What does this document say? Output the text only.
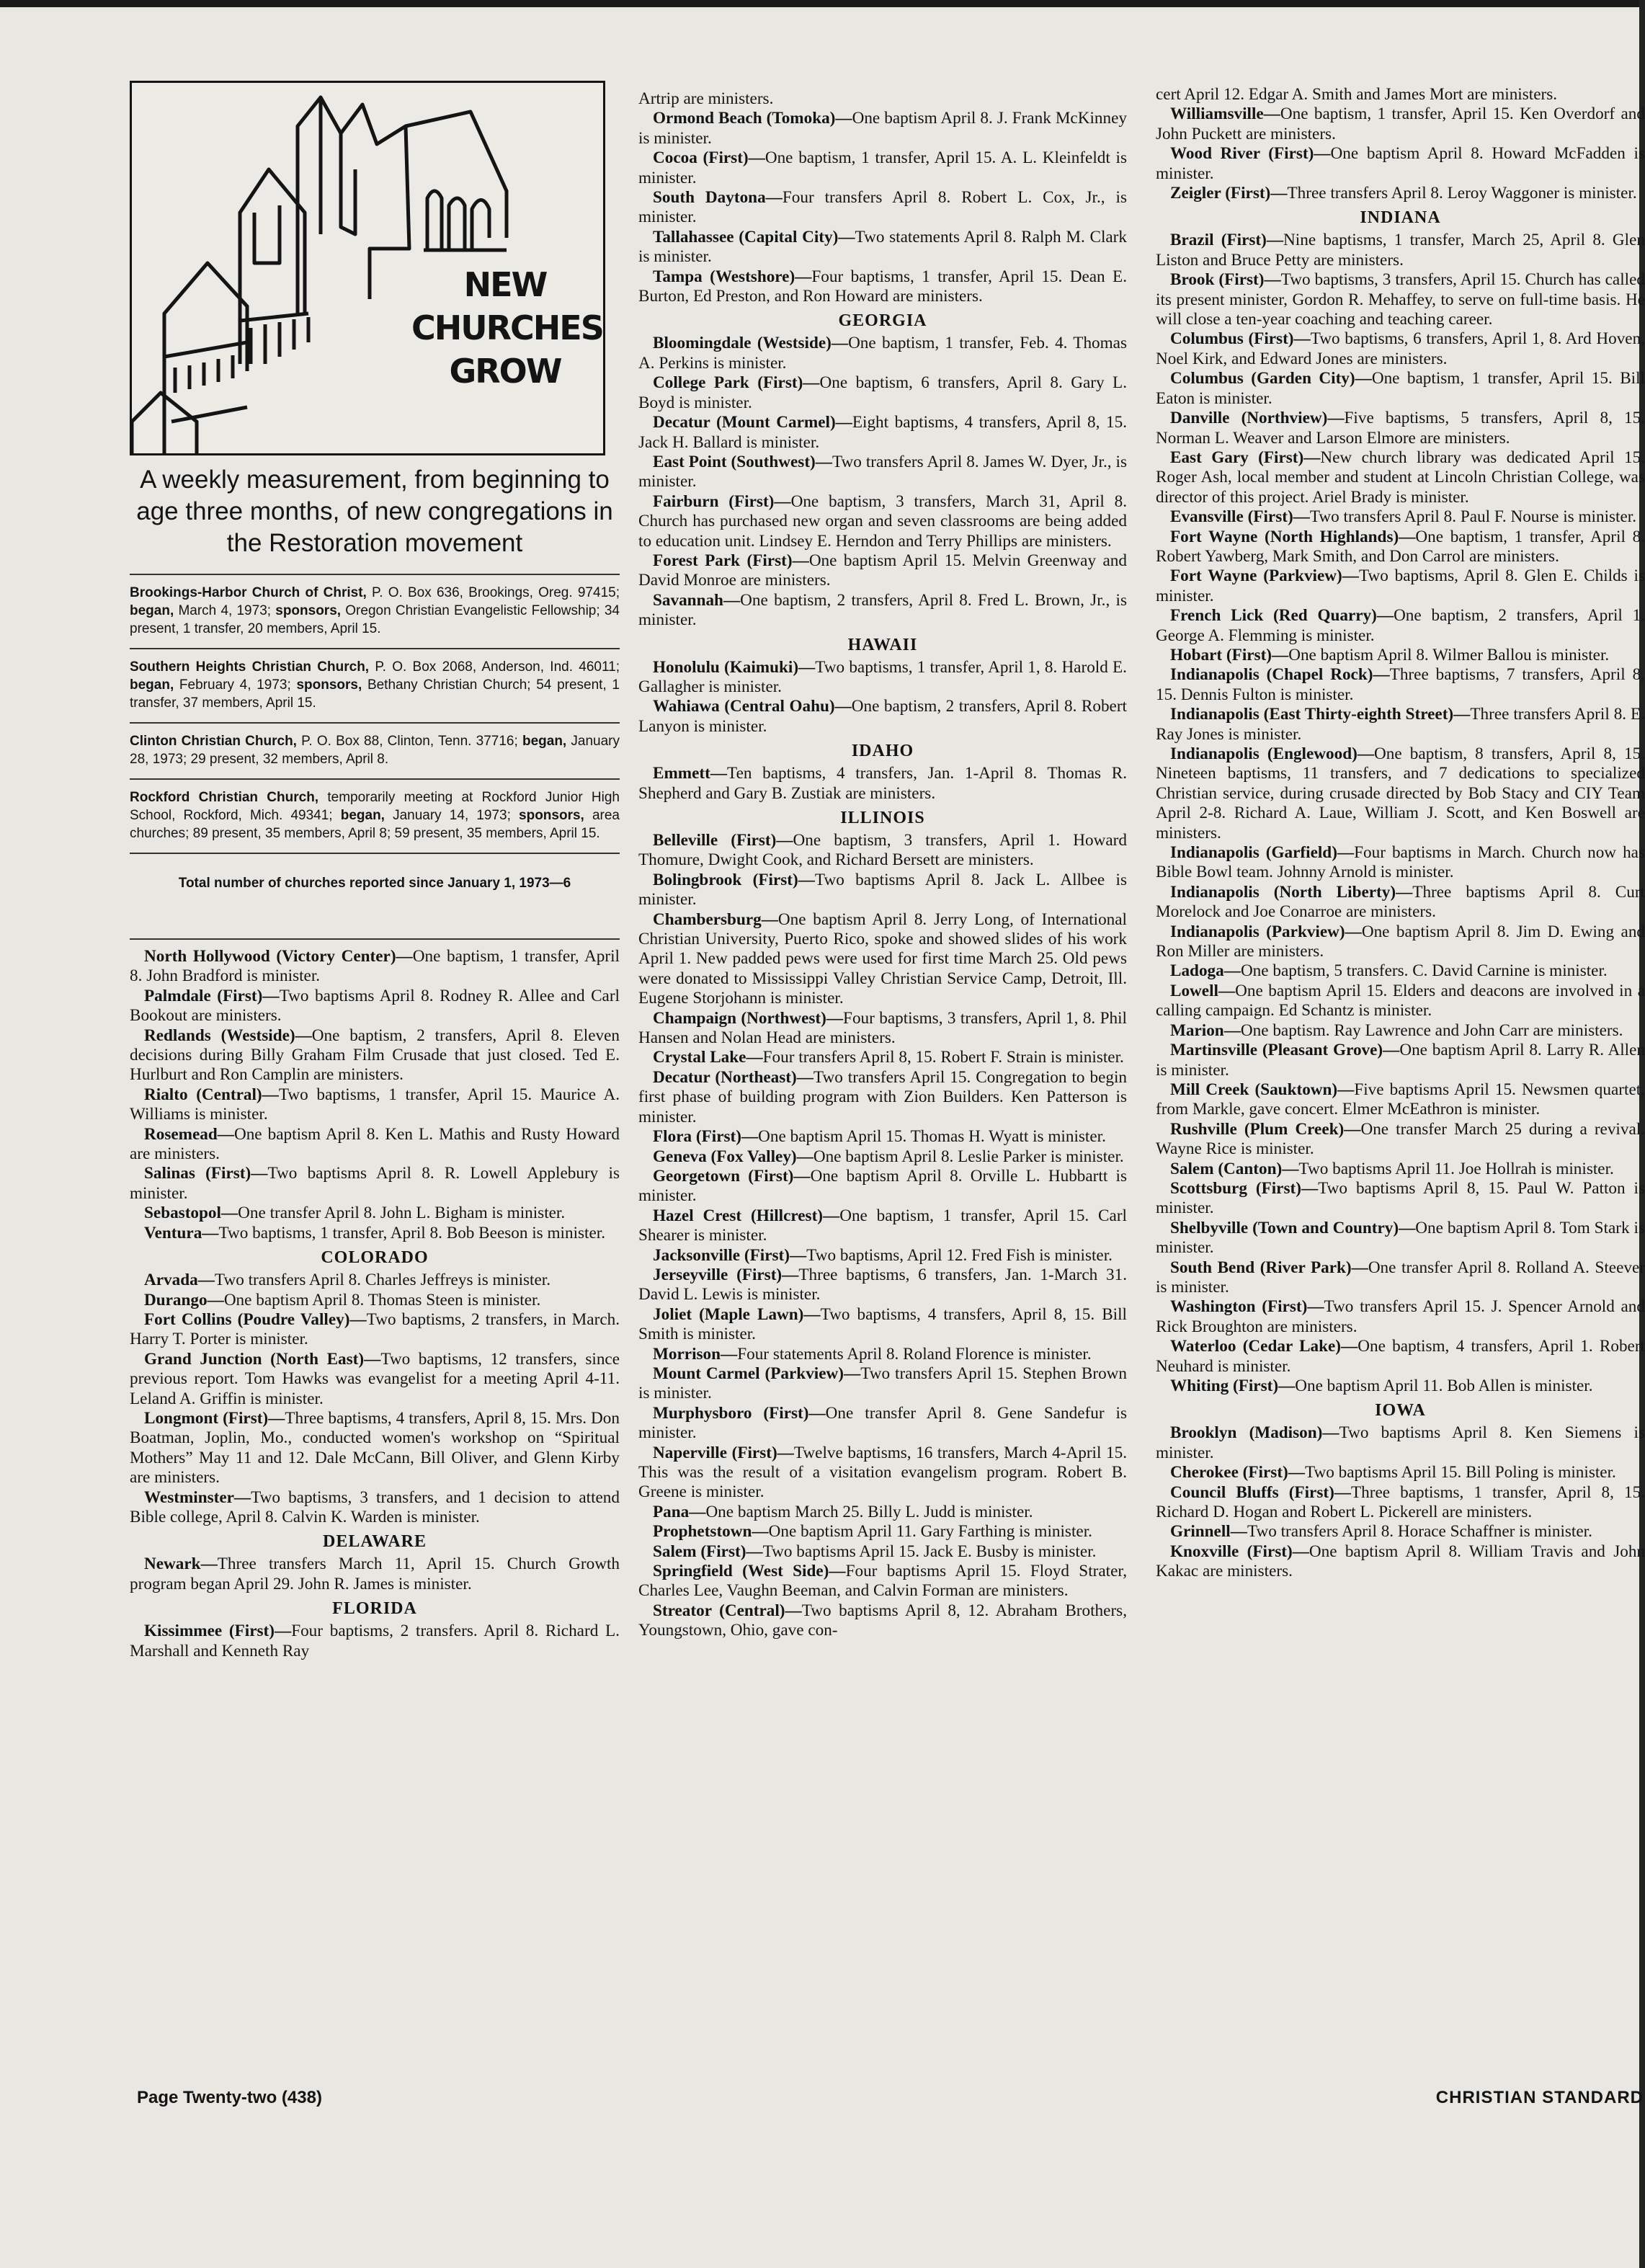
NEW
CHURCHES
GROW
A weekly measurement, from beginning to age three months, of new congregations in the Restoration movement
Brookings-Harbor Church of Christ, P. O. Box 636, Brookings, Oreg. 97415; began, March 4, 1973; sponsors, Oregon Christian Evangelistic Fellowship; 34 present, 1 transfer, 20 members, April 15.
Southern Heights Christian Church, P. O. Box 2068, Anderson, Ind. 46011; began, February 4, 1973; sponsors, Bethany Christian Church; 54 present, 1 transfer, 37 members, April 15.
Clinton Christian Church, P. O. Box 88, Clinton, Tenn. 37716; began, January 28, 1973; 29 present, 32 members, April 8.
Rockford Christian Church, temporarily meeting at Rockford Junior High School, Rockford, Mich. 49341; began, January 14, 1973; sponsors, area churches; 89 present, 35 members, April 8; 59 present, 35 members, April 15.
Total number of churches reported since January 1, 1973—6

North Hollywood (Victory Center)—One baptism, 1 transfer, April 8. John Bradford is minister.

Palmdale (First)—Two baptisms April 8. Rodney R. Allee and Carl Bookout are ministers.

Redlands (Westside)—One baptism, 2 transfers, April 8. Eleven decisions during Billy Graham Film Crusade that just closed. Ted E. Hurlburt and Ron Camplin are ministers.

Rialto (Central)—Two baptisms, 1 transfer, April 15. Maurice A. Williams is minister.

Rosemead—One baptism April 8. Ken L. Mathis and Rusty Howard are ministers.

Salinas (First)—Two baptisms April 8. R. Lowell Applebury is minister.

Sebastopol—One transfer April 8. John L. Bigham is minister.

Ventura—Two baptisms, 1 transfer, April 8. Bob Beeson is minister.

COLORADO

Arvada—Two transfers April 8. Charles Jeffreys is minister.

Durango—One baptism April 8. Thomas Steen is minister.

Fort Collins (Poudre Valley)—Two baptisms, 2 transfers, in March. Harry T. Porter is minister.

Grand Junction (North East)—Two baptisms, 12 transfers, since previous report. Tom Hawks was evangelist for a meeting April 4-11. Leland A. Griffin is minister.

Longmont (First)—Three baptisms, 4 transfers, April 8, 15. Mrs. Don Boatman, Joplin, Mo., conducted women's workshop on “Spiritual Mothers” May 11 and 12. Dale McCann, Bill Oliver, and Glenn Kirby are ministers.

Westminster—Two baptisms, 3 transfers, and 1 decision to attend Bible college, April 8. Calvin K. Warden is minister.

DELAWARE

Newark—Three transfers March 11, April 15. Church Growth program began April 29. John R. James is minister.

FLORIDA

Kissimmee (First)—Four baptisms, 2 transfers. April 8. Richard L. Marshall and Kenneth Ray

Artrip are ministers.

Ormond Beach (Tomoka)—One baptism April 8. J. Frank McKinney is minister.

Cocoa (First)—One baptism, 1 transfer, April 15. A. L. Kleinfeldt is minister.

South Daytona—Four transfers April 8. Robert L. Cox, Jr., is minister.

Tallahassee (Capital City)—Two statements April 8. Ralph M. Clark is minister.

Tampa (Westshore)—Four baptisms, 1 transfer, April 15. Dean E. Burton, Ed Preston, and Ron Howard are ministers.

GEORGIA

Bloomingdale (Westside)—One baptism, 1 transfer, Feb. 4. Thomas A. Perkins is minister.

College Park (First)—One baptism, 6 transfers, April 8. Gary L. Boyd is minister.

Decatur (Mount Carmel)—Eight baptisms, 4 transfers, April 8, 15. Jack H. Ballard is minister.

East Point (Southwest)—Two transfers April 8. James W. Dyer, Jr., is minister.

Fairburn (First)—One baptism, 3 transfers, March 31, April 8. Church has purchased new organ and seven classrooms are being added to education unit. Lindsey E. Herndon and Terry Phillips are ministers.

Forest Park (First)—One baptism April 15. Melvin Greenway and David Monroe are ministers.

Savannah—One baptism, 2 transfers, April 8. Fred L. Brown, Jr., is minister.

HAWAII

Honolulu (Kaimuki)—Two baptisms, 1 transfer, April 1, 8. Harold E. Gallagher is minister.

Wahiawa (Central Oahu)—One baptism, 2 transfers, April 8. Robert Lanyon is minister.

IDAHO

Emmett—Ten baptisms, 4 transfers, Jan. 1-April 8. Thomas R. Shepherd and Gary B. Zustiak are ministers.

ILLINOIS

Belleville (First)—One baptism, 3 transfers, April 1. Howard Thomure, Dwight Cook, and Richard Bersett are ministers.

Bolingbrook (First)—Two baptisms April 8. Jack L. Allbee is minister.

Chambersburg—One baptism April 8. Jerry Long, of International Christian University, Puerto Rico, spoke and showed slides of his work April 1. New padded pews were used for first time March 25. Old pews were donated to Mississippi Valley Christian Service Camp, Detroit, Ill. Eugene Storjohann is minister.

Champaign (Northwest)—Four baptisms, 3 transfers, April 1, 8. Phil Hansen and Nolan Head are ministers.

Crystal Lake—Four transfers April 8, 15. Robert F. Strain is minister.

Decatur (Northeast)—Two transfers April 15. Congregation to begin first phase of building program with Zion Builders. Ken Patterson is minister.

Flora (First)—One baptism April 15. Thomas H. Wyatt is minister.

Geneva (Fox Valley)—One baptism April 8. Leslie Parker is minister.

Georgetown (First)—One baptism April 8. Orville L. Hubbartt is minister.

Hazel Crest (Hillcrest)—One baptism, 1 transfer, April 15. Carl Shearer is minister.

Jacksonville (First)—Two baptisms, April 12. Fred Fish is minister.

Jerseyville (First)—Three baptisms, 6 transfers, Jan. 1-March 31. David L. Lewis is minister.

Joliet (Maple Lawn)—Two baptisms, 4 transfers, April 8, 15. Bill Smith is minister.

Morrison—Four statements April 8. Roland Florence is minister.

Mount Carmel (Parkview)—Two transfers April 15. Stephen Brown is minister.

Murphysboro (First)—One transfer April 8. Gene Sandefur is minister.

Naperville (First)—Twelve baptisms, 16 transfers, March 4-April 15. This was the result of a visitation evangelism program. Robert B. Greene is minister.

Pana—One baptism March 25. Billy L. Judd is minister.

Prophetstown—One baptism April 11. Gary Farthing is minister.

Salem (First)—Two baptisms April 15. Jack E. Busby is minister.

Springfield (West Side)—Four baptisms April 15. Floyd Strater, Charles Lee, Vaughn Beeman, and Calvin Forman are ministers.

Streator (Central)—Two baptisms April 8, 12. Abraham Brothers, Youngstown, Ohio, gave con-

cert April 12. Edgar A. Smith and James Mort are ministers.

Williamsville—One baptism, 1 transfer, April 15. Ken Overdorf and John Puckett are ministers.

Wood River (First)—One baptism April 8. Howard McFadden is minister.

Zeigler (First)—Three transfers April 8. Leroy Waggoner is minister.

INDIANA

Brazil (First)—Nine baptisms, 1 transfer, March 25, April 8. Glen Liston and Bruce Petty are ministers.

Brook (First)—Two baptisms, 3 transfers, April 15. Church has called its present minister, Gordon R. Mehaffey, to serve on full-time basis. He will close a ten-year coaching and teaching career.

Columbus (First)—Two baptisms, 6 transfers, April 1, 8. Ard Hoven, Noel Kirk, and Edward Jones are ministers.

Columbus (Garden City)—One baptism, 1 transfer, April 15. Bill Eaton is minister.

Danville (Northview)—Five baptisms, 5 transfers, April 8, 15. Norman L. Weaver and Larson Elmore are ministers.

East Gary (First)—New church library was dedicated April 15. Roger Ash, local member and student at Lincoln Christian College, was director of this project. Ariel Brady is minister.

Evansville (First)—Two transfers April 8. Paul F. Nourse is minister.

Fort Wayne (North Highlands)—One baptism, 1 transfer, April 8. Robert Yawberg, Mark Smith, and Don Carrol are ministers.

Fort Wayne (Parkview)—Two baptisms, April 8. Glen E. Childs is minister.

French Lick (Red Quarry)—One baptism, 2 transfers, April 1. George A. Flemming is minister.

Hobart (First)—One baptism April 8. Wilmer Ballou is minister.

Indianapolis (Chapel Rock)—Three baptisms, 7 transfers, April 8, 15. Dennis Fulton is minister.

Indianapolis (East Thirty-eighth Street)—Three transfers April 8. E. Ray Jones is minister.

Indianapolis (Englewood)—One baptism, 8 transfers, April 8, 15. Nineteen baptisms, 11 transfers, and 7 dedications to specialized Christian service, during crusade directed by Bob Stacy and CIY Team April 2-8. Richard A. Laue, William J. Scott, and Ken Boswell are ministers.

Indianapolis (Garfield)—Four baptisms in March. Church now has Bible Bowl team. Johnny Arnold is minister.

Indianapolis (North Liberty)—Three baptisms April 8. Curt Morelock and Joe Conarroe are ministers.

Indianapolis (Parkview)—One baptism April 8. Jim D. Ewing and Ron Miller are ministers.

Ladoga—One baptism, 5 transfers. C. David Carnine is minister.

Lowell—One baptism April 15. Elders and deacons are involved in a calling campaign. Ed Schantz is minister.

Marion—One baptism. Ray Lawrence and John Carr are ministers.

Martinsville (Pleasant Grove)—One baptism April 8. Larry R. Allen is minister.

Mill Creek (Sauktown)—Five baptisms April 15. Newsmen quartet, from Markle, gave concert. Elmer McEathron is minister.

Rushville (Plum Creek)—One transfer March 25 during a revival. Wayne Rice is minister.

Salem (Canton)—Two baptisms April 11. Joe Hollrah is minister.

Scottsburg (First)—Two baptisms April 8, 15. Paul W. Patton is minister.

Shelbyville (Town and Country)—One baptism April 8. Tom Stark is minister.

South Bend (River Park)—One transfer April 8. Rolland A. Steever is minister.

Washington (First)—Two transfers April 15. J. Spencer Arnold and Rick Broughton are ministers.

Waterloo (Cedar Lake)—One baptism, 4 transfers, April 1. Robert Neuhard is minister.

Whiting (First)—One baptism April 11. Bob Allen is minister.

IOWA

Brooklyn (Madison)—Two baptisms April 8. Ken Siemens is minister.

Cherokee (First)—Two baptisms April 15. Bill Poling is minister.

Council Bluffs (First)—Three baptisms, 1 transfer, April 8, 15. Richard D. Hogan and Robert L. Pickerell are ministers.

Grinnell—Two transfers April 8. Horace Schaffner is minister.

Knoxville (First)—One baptism April 8. William Travis and John Kakac are ministers.

Page Twenty-two (438)	CHRISTIAN STANDARD
